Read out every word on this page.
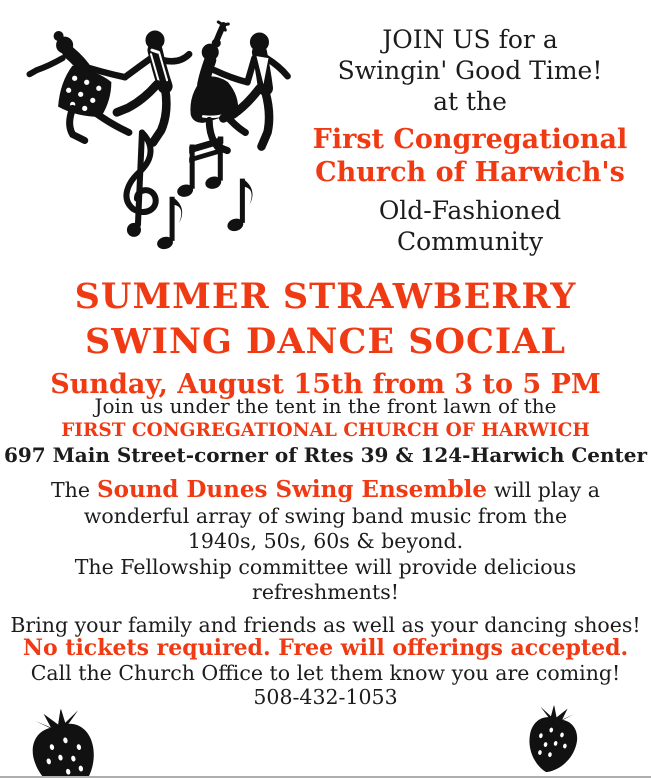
JOIN US for a

Swingin' Good Time!

at the

First Congregational

Church of Harwich's

Old-Fashioned

Community

SUMMER STRAWBERRY

SWING DANCE SOCIAL

Sunday, August 15th from 3 to 5 PM

Join us under the tent in the front lawn of the

FIRST CONGREGATIONAL CHURCH OF HARWICH

697 Main Street-corner of Rtes 39 & 124-Harwich Center

The Sound Dunes Swing Ensemble will play a

wonderful array of swing band music from the

1940s, 50s, 60s & beyond.

The Fellowship committee will provide delicious

refreshments!

Bring your family and friends as well as your dancing shoes!

No tickets required. Free will offerings accepted.

Call the Church Office to let them know you are coming!

508-432-1053
